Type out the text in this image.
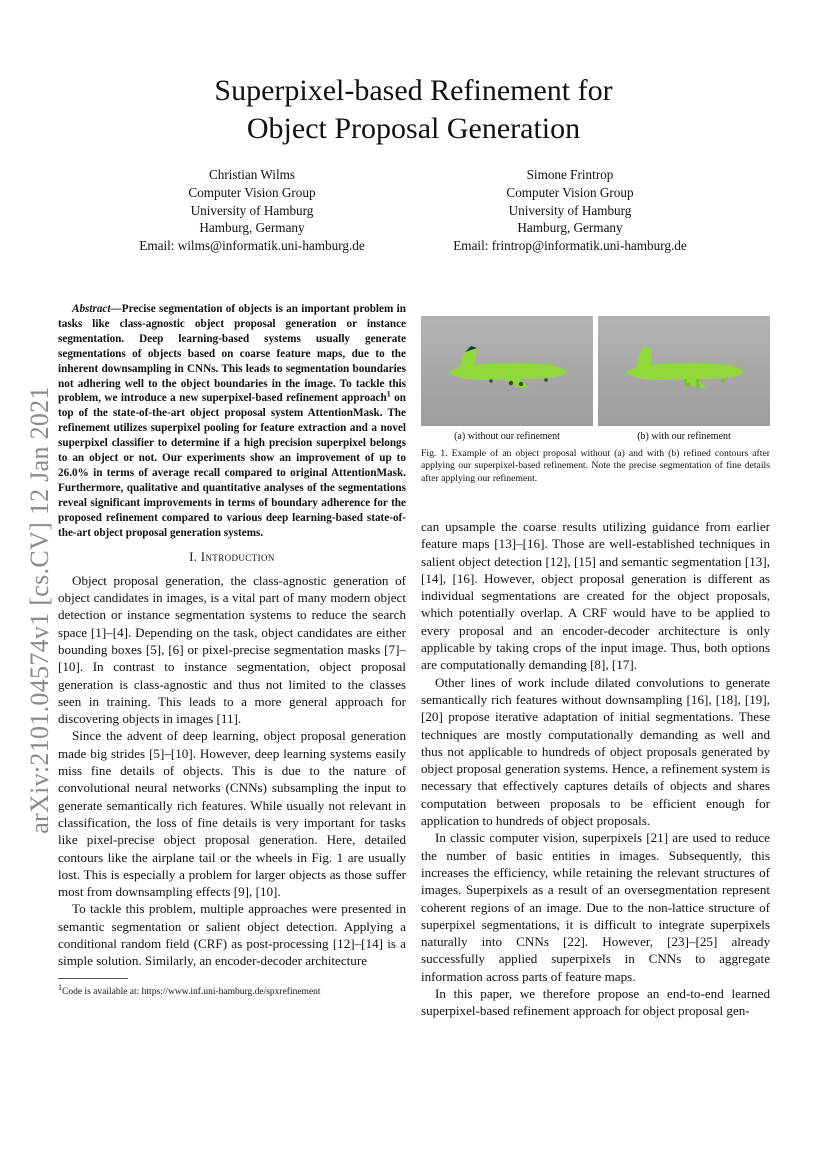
arXiv:2101.04574v1 [cs.CV] 12 Jan 2021
Superpixel-based Refinement for
Object Proposal Generation
Christian Wilms
Computer Vision Group
University of Hamburg
Hamburg, Germany
Email: wilms@informatik.uni-hamburg.de
Simone Frintrop
Computer Vision Group
University of Hamburg
Hamburg, Germany
Email: frintrop@informatik.uni-hamburg.de

Abstract—Precise segmentation of objects is an important problem in tasks like class-agnostic object proposal generation or instance segmentation. Deep learning-based systems usually generate segmentations of objects based on coarse feature maps, due to the inherent downsampling in CNNs. This leads to segmentation boundaries not adhering well to the object boundaries in the image. To tackle this problem, we introduce a new superpixel-based refinement approach$^1$ on top of the state-of-the-art object proposal system AttentionMask. The refinement utilizes superpixel pooling for feature extraction and a novel superpixel classifier to determine if a high precision superpixel belongs to an object or not. Our experiments show an improvement of up to 26.0% in terms of average recall compared to original AttentionMask. Furthermore, qualitative and quantitative analyses of the segmentations reveal significant improvements in terms of boundary adherence for the proposed refinement compared to various deep learning-based state-of-the-art object proposal generation systems.

I. Introduction

Object proposal generation, the class-agnostic generation of object candidates in images, is a vital part of many modern object detection or instance segmentation systems to reduce the search space [1]–[4]. Depending on the task, object candidates are either bounding boxes [5], [6] or pixel-precise segmentation masks [7]–[10]. In contrast to instance segmentation, object proposal generation is class-agnostic and thus not limited to the classes seen in training. This leads to a more general approach for discovering objects in images [11].

Since the advent of deep learning, object proposal generation made big strides [5]–[10]. However, deep learning systems easily miss fine details of objects. This is due to the nature of convolutional neural networks (CNNs) subsampling the input to generate semantically rich features. While usually not relevant in classification, the loss of fine details is very important for tasks like pixel-precise object proposal generation. Here, detailed contours like the airplane tail or the wheels in Fig. 1 are usually lost. This is especially a problem for larger objects as those suffer most from downsampling effects [9], [10].

To tackle this problem, multiple approaches were presented in semantic segmentation or salient object detection. Applying a conditional random field (CRF) as post-processing [12]–[14] is a simple solution. Similarly, an encoder-decoder architecture

$^1$Code is available at: https://www.inf.uni-hamburg.de/spxrefinement
(a) without our refinement	(b) with our refinement
Fig. 1. Example of an object proposal without (a) and with (b) refined contours after applying our superpixel-based refinement. Note the precise segmentation of fine details after applying our refinement.

can upsample the coarse results utilizing guidance from earlier feature maps [13]–[16]. Those are well-established techniques in salient object detection [12], [15] and semantic segmentation [13], [14], [16]. However, object proposal generation is different as individual segmentations are created for the object proposals, which potentially overlap. A CRF would have to be applied to every proposal and an encoder-decoder architecture is only applicable by taking crops of the input image. Thus, both options are computationally demanding [8], [17].

Other lines of work include dilated convolutions to generate semantically rich features without downsampling [16], [18], [19], [20] propose iterative adaptation of initial segmentations. These techniques are mostly computationally demanding as well and thus not applicable to hundreds of object proposals generated by object proposal generation systems. Hence, a refinement system is necessary that effectively captures details of objects and shares computation between proposals to be efficient enough for application to hundreds of object proposals.

In classic computer vision, superpixels [21] are used to reduce the number of basic entities in images. Subsequently, this increases the efficiency, while retaining the relevant structures of images. Superpixels as a result of an oversegmentation represent coherent regions of an image. Due to the non-lattice structure of superpixel segmentations, it is difficult to integrate superpixels naturally into CNNs [22]. However, [23]–[25] already successfully applied superpixels in CNNs to aggregate information across parts of feature maps.

In this paper, we therefore propose an end-to-end learned superpixel-based refinement approach for object proposal gen-
